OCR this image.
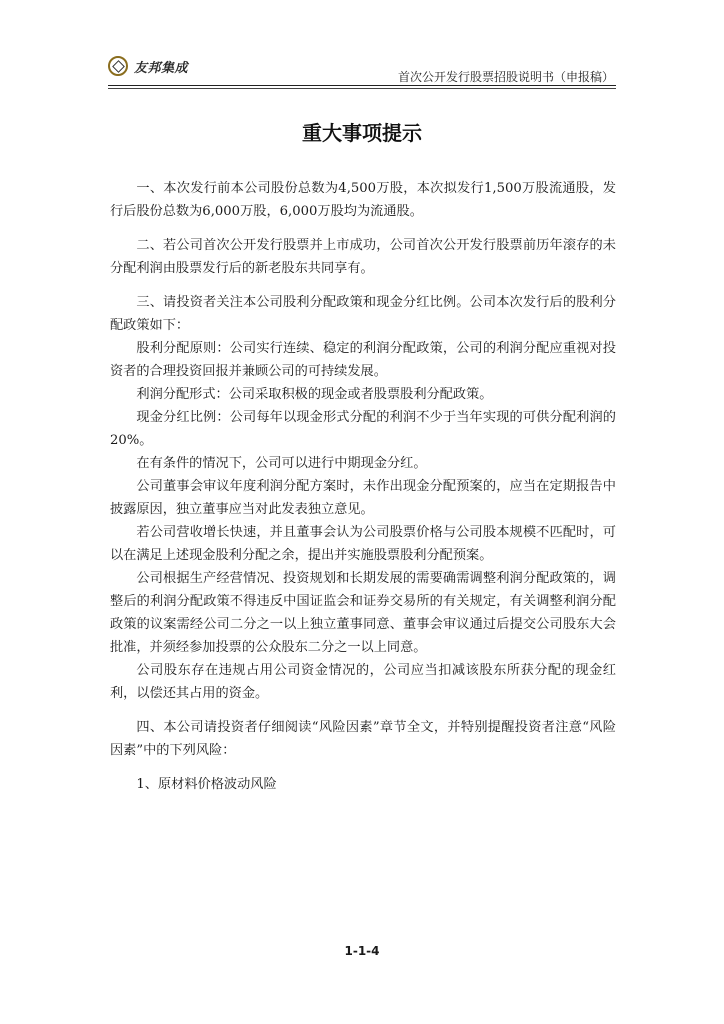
友邦集成
首次公开发行股票招股说明书（申报稿）
重大事项提示

一、本次发行前本公司股份总数为4,500万股，本次拟发行1,500万股流通股，发行后股份总数为6,000万股，6,000万股均为流通股。

二、若公司首次公开发行股票并上市成功，公司首次公开发行股票前历年滚存的未分配利润由股票发行后的新老股东共同享有。

三、请投资者关注本公司股利分配政策和现金分红比例。公司本次发行后的股利分配政策如下：

股利分配原则：公司实行连续、稳定的利润分配政策，公司的利润分配应重视对投资者的合理投资回报并兼顾公司的可持续发展。

利润分配形式：公司采取积极的现金或者股票股利分配政策。

现金分红比例：公司每年以现金形式分配的利润不少于当年实现的可供分配利润的20%。

在有条件的情况下，公司可以进行中期现金分红。

公司董事会审议年度利润分配方案时，未作出现金分配预案的，应当在定期报告中披露原因，独立董事应当对此发表独立意见。

若公司营收增长快速，并且董事会认为公司股票价格与公司股本规模不匹配时，可以在满足上述现金股利分配之余，提出并实施股票股利分配预案。

公司根据生产经营情况、投资规划和长期发展的需要确需调整利润分配政策的，调整后的利润分配政策不得违反中国证监会和证券交易所的有关规定，有关调整利润分配政策的议案需经公司二分之一以上独立董事同意、董事会审议通过后提交公司股东大会批准，并须经参加投票的公众股东二分之一以上同意。

公司股东存在违规占用公司资金情况的，公司应当扣减该股东所获分配的现金红利，以偿还其占用的资金。

四、本公司请投资者仔细阅读“风险因素”章节全文，并特别提醒投资者注意“风险因素”中的下列风险：

1、原材料价格波动风险

1-1-4
